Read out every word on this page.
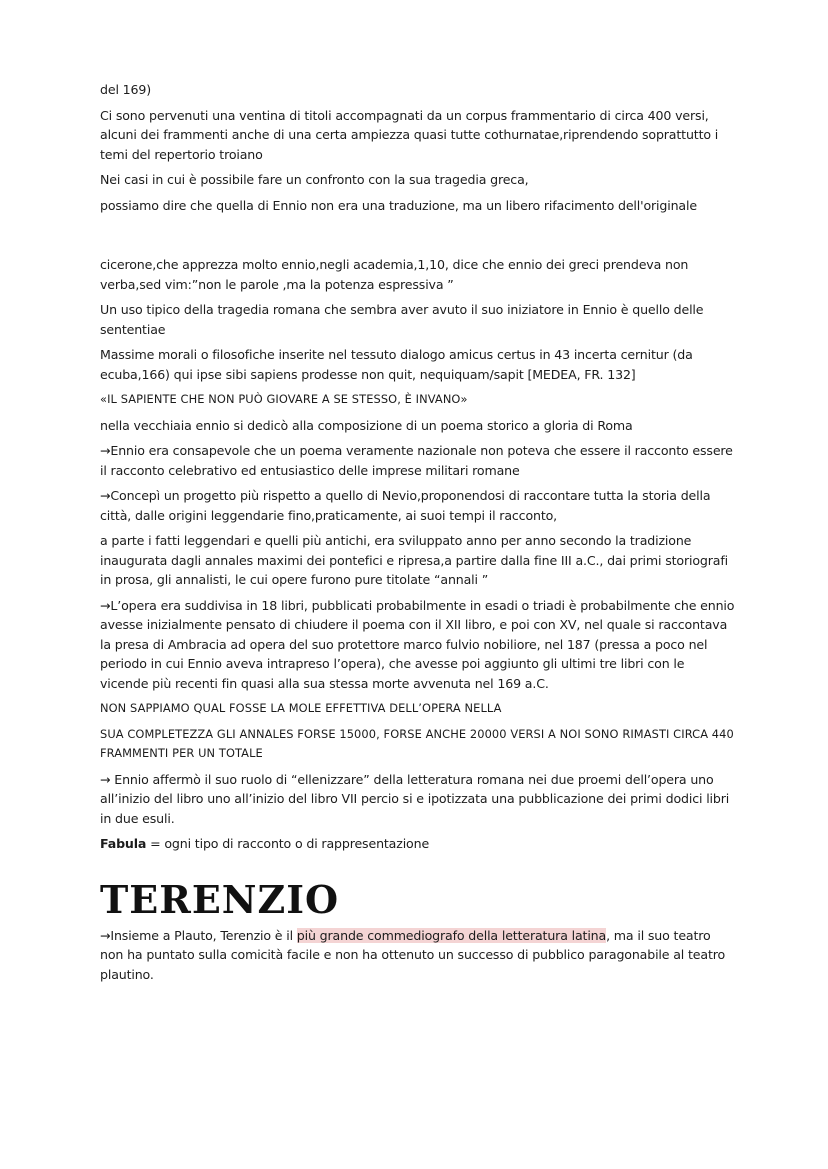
del 169)

Ci sono pervenuti una ventina di titoli accompagnati da un corpus frammentario di circa 400 versi, alcuni dei frammenti anche di una certa ampiezza quasi tutte cothurnatae,riprendendo soprattutto i temi del repertorio troiano

Nei casi in cui è possibile fare un confronto con la sua tragedia greca,

possiamo dire che quella di Ennio non era una traduzione, ma un libero rifacimento dell'originale

cicerone,che apprezza molto ennio,negli academia,1,10, dice che ennio dei greci prendeva non verba,sed vim:”non le parole ,ma la potenza espressiva ”

Un uso tipico della tragedia romana che sembra aver avuto il suo iniziatore in Ennio è quello delle sententiae

Massime morali o filosofiche inserite nel tessuto dialogo amicus certus in 43 incerta cernitur (da ecuba,166) qui ipse sibi sapiens prodesse non quit, nequiquam/sapit [MEDEA, FR. 132]

«IL SAPIENTE CHE NON PUÒ GIOVARE A SE STESSO, È INVANO»

nella vecchiaia ennio si dedicò alla composizione di un poema storico a gloria di Roma

→Ennio era consapevole che un poema veramente nazionale non poteva che essere il racconto essere il racconto celebrativo ed entusiastico delle imprese militari romane

→Concepì un progetto più rispetto a quello di Nevio,proponendosi di raccontare tutta la storia della città, dalle origini leggendarie fino,praticamente, ai suoi tempi il racconto,

a parte i fatti leggendari e quelli più antichi, era sviluppato anno per anno secondo la tradizione inaugurata dagli annales maximi dei pontefici e ripresa,a partire dalla fine III a.C., dai primi storiografi in prosa, gli annalisti, le cui opere furono pure titolate “annali ”

→L’opera era suddivisa in 18 libri, pubblicati probabilmente in esadi o triadi è probabilmente che ennio avesse inizialmente pensato di chiudere il poema con il XII libro, e poi con XV, nel quale si raccontava la presa di Ambracia ad opera del suo protettore marco fulvio nobiliore, nel 187 (pressa a poco nel periodo in cui Ennio aveva intrapreso l’opera), che avesse poi aggiunto gli ultimi tre libri con le vicende più recenti fin quasi alla sua stessa morte avvenuta nel 169 a.C.

NON SAPPIAMO QUAL FOSSE LA MOLE EFFETTIVA DELL’OPERA NELLA

SUA COMPLETEZZA GLI ANNALES FORSE 15000, FORSE ANCHE 20000 VERSI A NOI SONO RIMASTI CIRCA 440 FRAMMENTI PER UN TOTALE

→ Ennio affermò il suo ruolo di “ellenizzare” della letteratura romana nei due proemi dell’opera uno all’inizio del libro uno all’inizio del libro VII percio si e ipotizzata una pubblicazione dei primi dodici libri in due esuli.

Fabula = ogni tipo di racconto o di rappresentazione

TERENZIO

→Insieme a Plauto, Terenzio è il più grande commediografo della letteratura latina, ma il suo teatro non ha puntato sulla comicità facile e non ha ottenuto un successo di pubblico paragonabile al teatro plautino.
